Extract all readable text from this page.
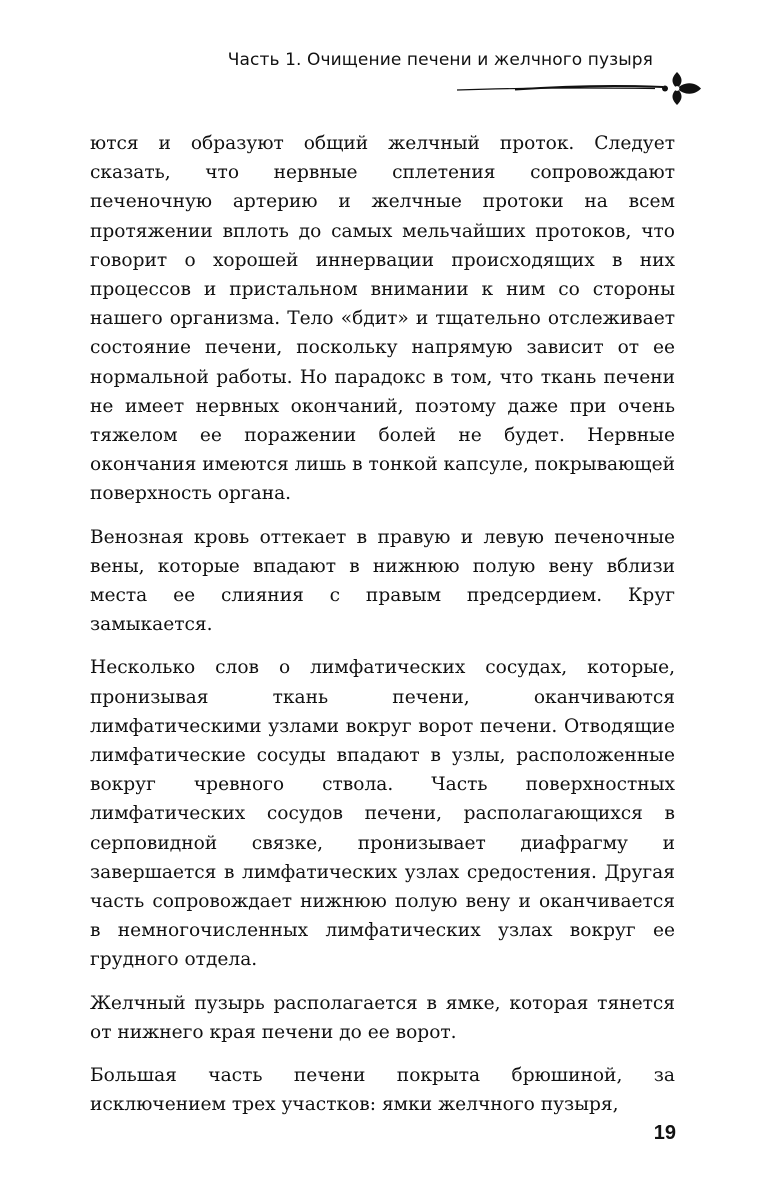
Часть 1. Очищение печени и желчного пузыря

ются и образуют общий желчный проток. Следует сказать, что нервные сплетения сопровождают печеночную артерию и желчные протоки на всем протяжении вплоть до самых мельчайших протоков, что говорит о хорошей иннервации происходящих в них процессов и пристальном внимании к ним со стороны нашего организма. Тело «бдит» и тщательно отслеживает состояние печени, поскольку напрямую зависит от ее нормальной работы. Но парадокс в том, что ткань печени не имеет нервных окончаний, поэтому даже при очень тяжелом ее поражении болей не будет. Нервные окончания имеются лишь в тонкой капсуле, покрывающей поверхность органа.

Венозная кровь оттекает в правую и левую печеночные вены, которые впадают в нижнюю полую вену вблизи места ее слияния с правым предсердием. Круг замыкается.

Несколько слов о лимфатических сосудах, которые, пронизывая ткань печени, оканчиваются лимфатическими узлами вокруг ворот печени. Отводящие лимфатические сосуды впадают в узлы, расположенные вокруг чревного ствола. Часть поверхностных лимфатических сосудов печени, располагающихся в серповидной связке, пронизывает диафрагму и завершается в лимфатических узлах средостения. Другая часть сопровождает нижнюю полую вену и оканчивается в немногочисленных лимфатических узлах вокруг ее грудного отдела.

Желчный пузырь располагается в ямке, которая тянется от нижнего края печени до ее ворот.

Большая часть печени покрыта брюшиной, за исключением трех участков: ямки желчного пузыря,

19
